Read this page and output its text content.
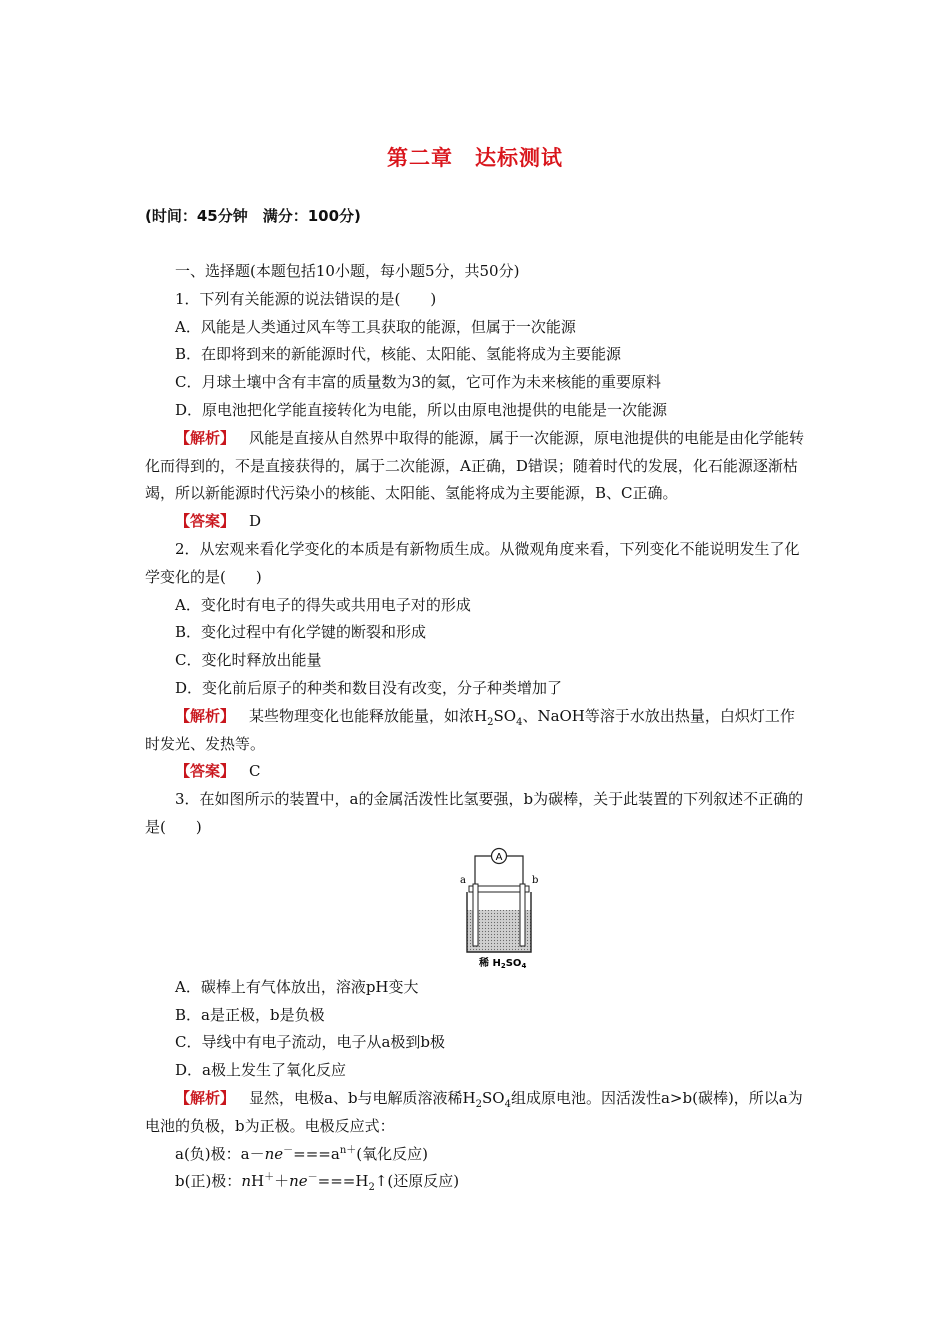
第二章　达标测试
(时间：45分钟　满分：100分)
一、选择题(本题包括10小题，每小题5分，共50分)
1．下列有关能源的说法错误的是(　　)
A．风能是人类通过风车等工具获取的能源，但属于一次能源
B．在即将到来的新能源时代，核能、太阳能、氢能将成为主要能源
C．月球土壤中含有丰富的质量数为3的氦，它可作为未来核能的重要原料
D．原电池把化学能直接转化为电能，所以由原电池提供的电能是一次能源
【解析】 风能是直接从自然界中取得的能源，属于一次能源，原电池提供的电能是由化学能转化而得到的，不是直接获得的，属于二次能源，A正确，D错误；随着时代的发展，化石能源逐渐枯竭，所以新能源时代污染小的核能、太阳能、氢能将成为主要能源，B、C正确。
【答案】 D
2．从宏观来看化学变化的本质是有新物质生成。从微观角度来看，下列变化不能说明发生了化学变化的是(　　)
A．变化时有电子的得失或共用电子对的形成
B．变化过程中有化学键的断裂和形成
C．变化时释放出能量
D．变化前后原子的种类和数目没有改变，分子种类增加了
【解析】 某些物理变化也能释放能量，如浓$H_2SO_4$、NaOH等溶于水放出热量，白炽灯工作时发光、发热等。
【答案】 C
3．在如图所示的装置中，a的金属活泼性比氢要强，b为碳棒，关于此装置的下列叙述不正确的是(　　)
A
a	b
稀 $H_2SO_4$
A．碳棒上有气体放出，溶液pH变大
B．a是正极，b是负极
C．导线中有电子流动，电子从a极到b极
D．a极上发生了氧化反应
【解析】 显然，电极a、b与电解质溶液稀$H_2SO_4$组成原电池。因活泼性a>b(碳棒)，所以a为电池的负极，b为正极。电极反应式：
a(负)极：$a-ne^-===a^{n+}$(氧化反应)
b(正)极：$nH^++ne^-===H_2↑$(还原反应)
